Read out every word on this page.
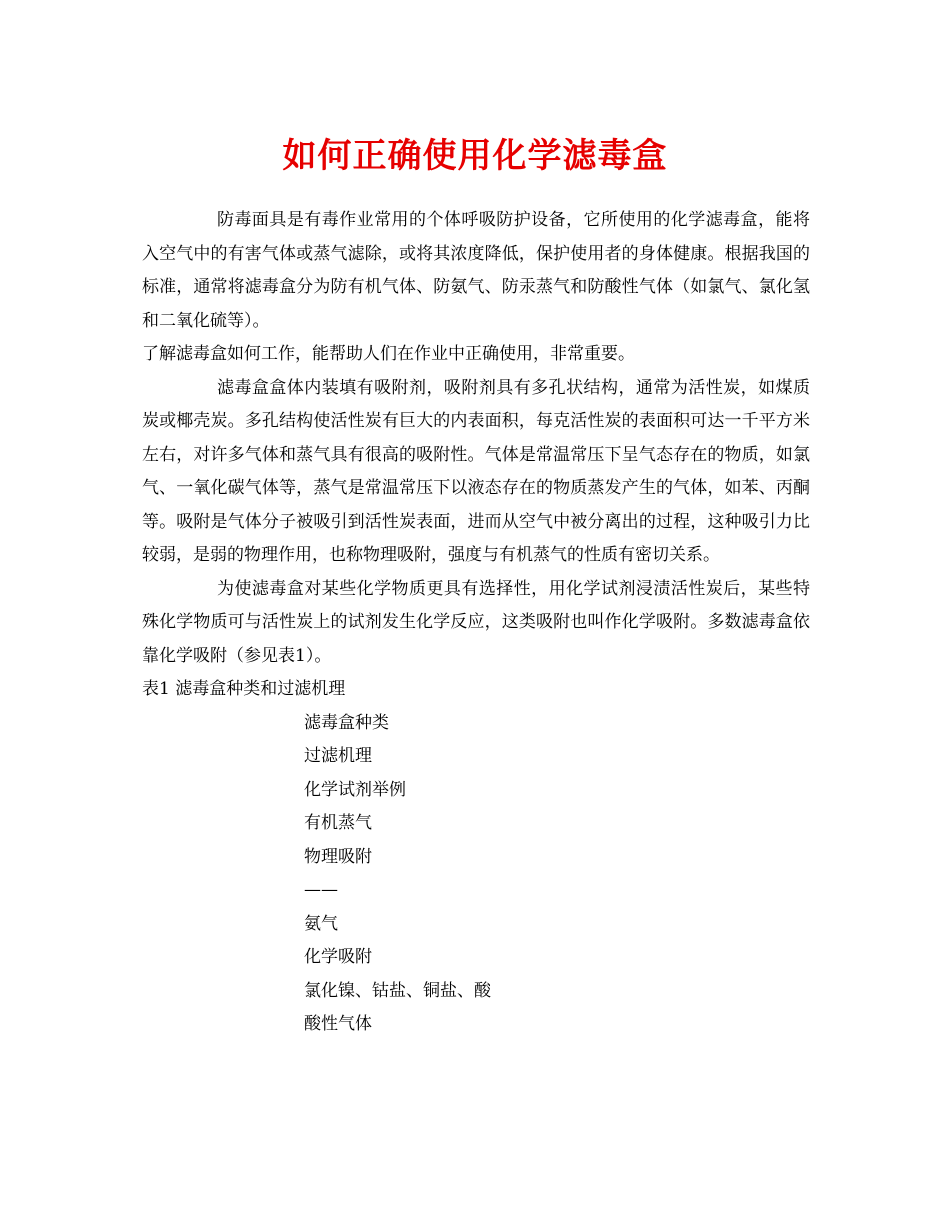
如何正确使用化学滤毒盒

防毒面具是有毒作业常用的个体呼吸防护设备，它所使用的化学滤毒盒，能将入空气中的有害气体或蒸气滤除，或将其浓度降低，保护使用者的身体健康。根据我国的标准，通常将滤毒盒分为防有机气体、防氨气、防汞蒸气和防酸性气体（如氯气、氯化氢和二氧化硫等）。

了解滤毒盒如何工作，能帮助人们在作业中正确使用，非常重要。

滤毒盒盒体内装填有吸附剂，吸附剂具有多孔状结构，通常为活性炭，如煤质炭或椰壳炭。多孔结构使活性炭有巨大的内表面积，每克活性炭的表面积可达一千平方米左右，对许多气体和蒸气具有很高的吸附性。气体是常温常压下呈气态存在的物质，如氯气、一氧化碳气体等，蒸气是常温常压下以液态存在的物质蒸发产生的气体，如苯、丙酮等。吸附是气体分子被吸引到活性炭表面，进而从空气中被分离出的过程，这种吸引力比较弱，是弱的物理作用，也称物理吸附，强度与有机蒸气的性质有密切关系。

为使滤毒盒对某些化学物质更具有选择性，用化学试剂浸渍活性炭后，某些特殊化学物质可与活性炭上的试剂发生化学反应，这类吸附也叫作化学吸附。多数滤毒盒依靠化学吸附（参见表1）。

表1 滤毒盒种类和过滤机理

滤毒盒种类
过滤机理
化学试剂举例
有机蒸气
物理吸附
——
氨气
化学吸附
氯化镍、钴盐、铜盐、酸
酸性气体
